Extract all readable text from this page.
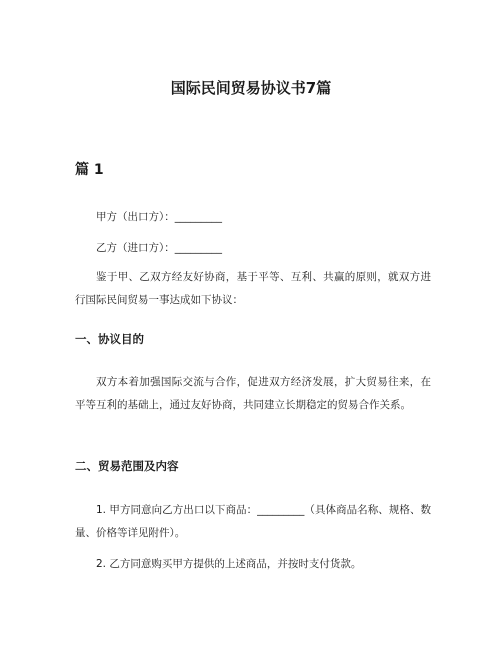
国际民间贸易协议书7篇
篇 1
甲方（出口方）：_________
乙方（进口方）：_________
鉴于甲、乙双方经友好协商，基于平等、互利、共赢的原则，就双方进行国际民间贸易一事达成如下协议：
一、协议目的
双方本着加强国际交流与合作，促进双方经济发展，扩大贸易往来，在平等互利的基础上，通过友好协商，共同建立长期稳定的贸易合作关系。
二、贸易范围及内容
1. 甲方同意向乙方出口以下商品：_________（具体商品名称、规格、数量、价格等详见附件）。
2. 乙方同意购买甲方提供的上述商品，并按时支付货款。
